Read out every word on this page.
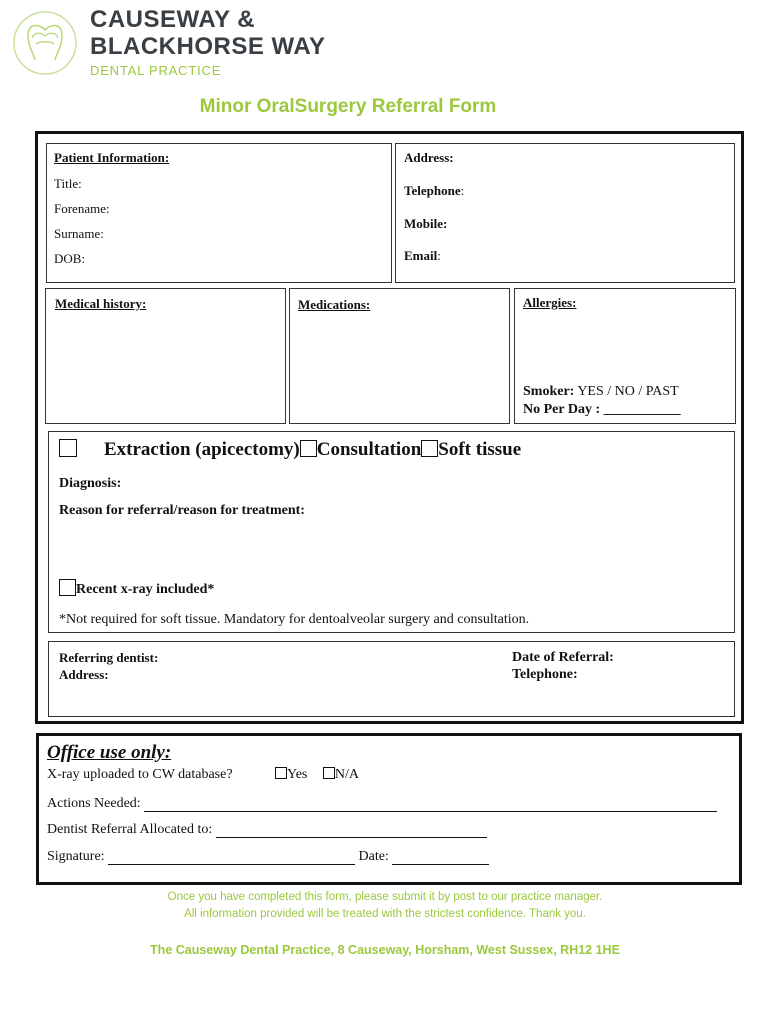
CAUSEWAY &
BLACKHORSE WAY
DENTAL PRACTICE
Minor OralSurgery Referral Form
Patient Information:
Title:
Forename:
Surname:
DOB:
Address:
Telephone:
Mobile:
Email:
Medical history:	Medications:	Allergies:
Smoker: YES / NO / PAST
No Per Day : ___________
Extraction (apicectomy) Consultation Soft tissue
Diagnosis:
Reason for referral/reason for treatment:
Recent x-ray included*
*Not required for soft tissue. Mandatory for dentoalveolar surgery and consultation.
Referring dentist:
Address:
Date of Referral:
Telephone:
Office use only:
X-ray uploaded to CW database?	Yes N/A
Actions Needed:
Dentist Referral Allocated to:
Signature:	Date:
Once you have completed this form, please submit it by post to our practice manager.
All information provided will be treated with the strictest confidence. Thank you.
The Causeway Dental Practice, 8 Causeway, Horsham, West Sussex, RH12 1HE
